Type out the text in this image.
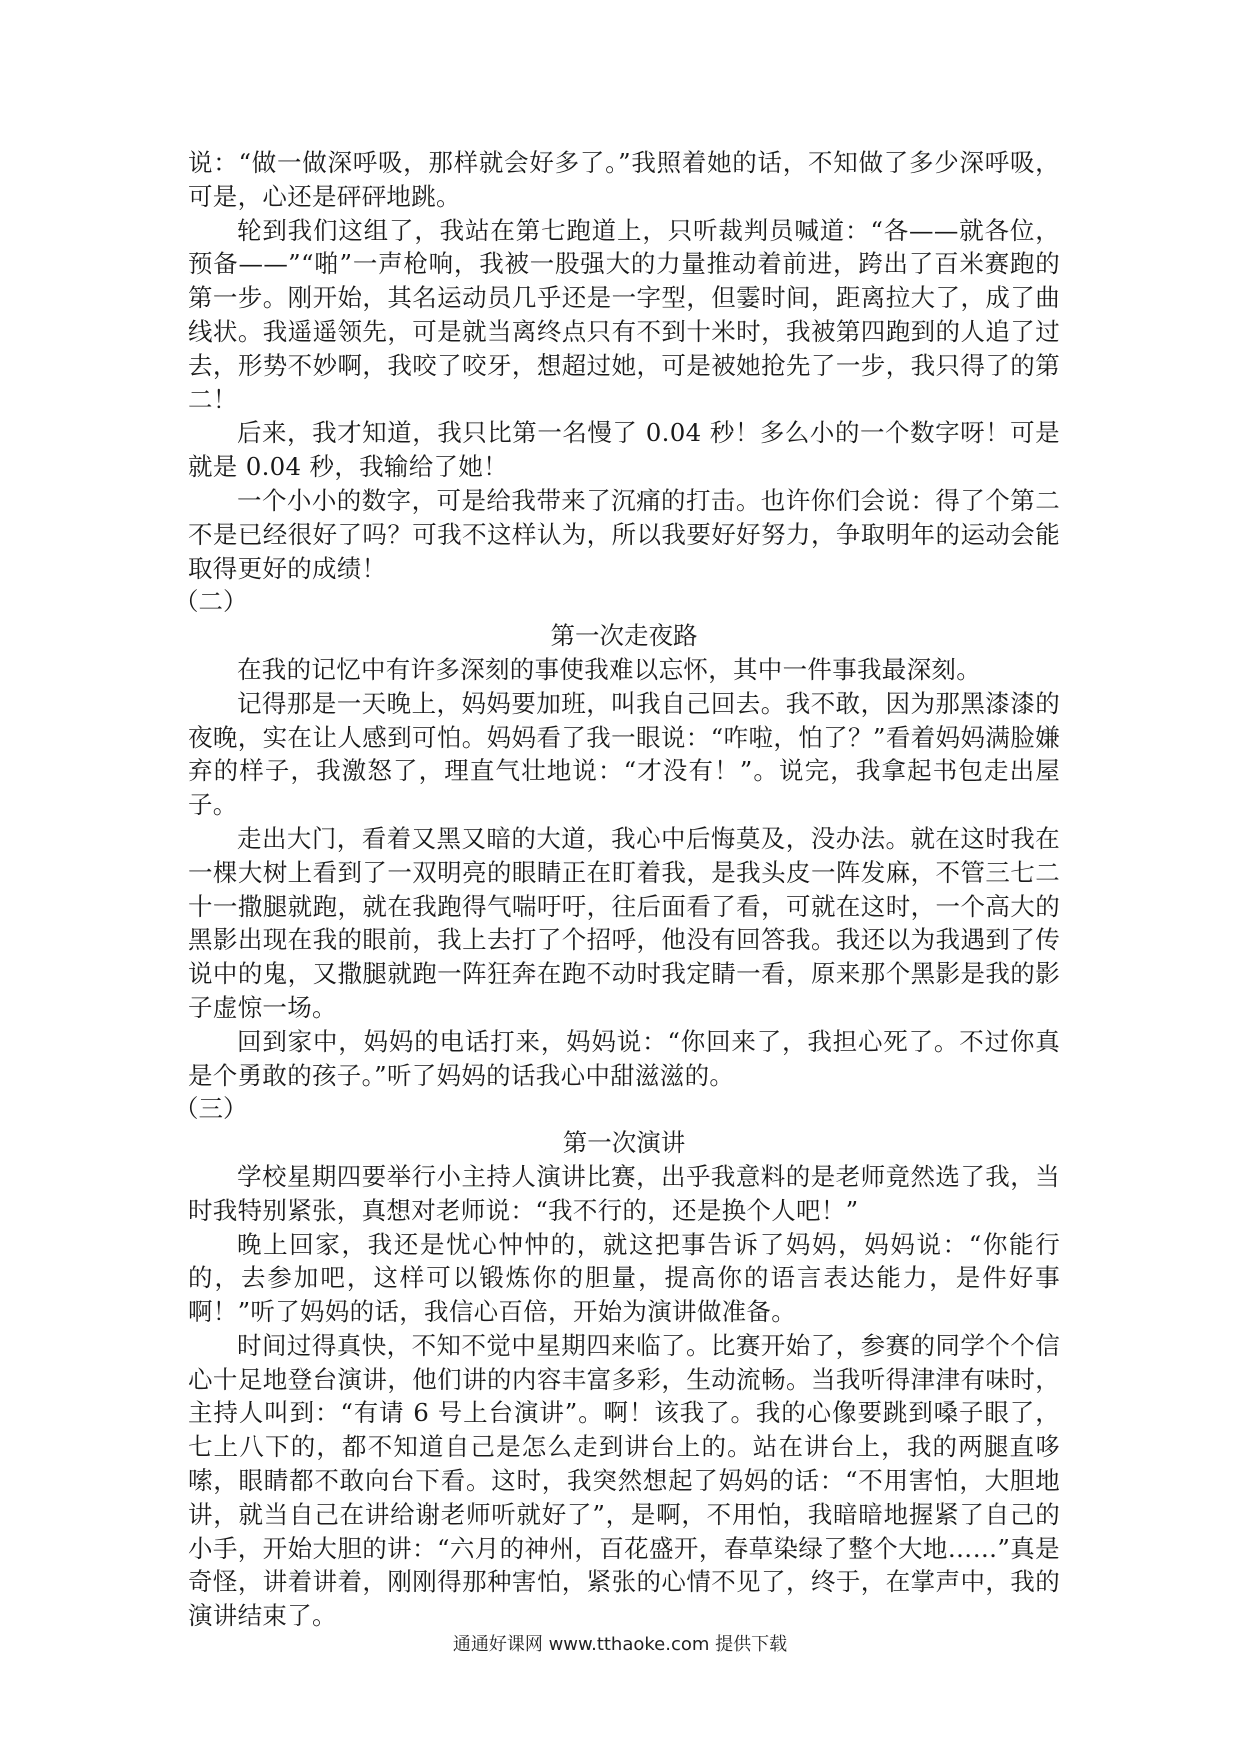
说：“做一做深呼吸，那样就会好多了。”我照着她的话，不知做了多少深呼吸，可是，心还是砰砰地跳。

轮到我们这组了，我站在第七跑道上，只听裁判员喊道：“各——就各位，预备——”“啪”一声枪响，我被一股强大的力量推动着前进，跨出了百米赛跑的第一步。刚开始，其名运动员几乎还是一字型，但霎时间，距离拉大了，成了曲线状。我遥遥领先，可是就当离终点只有不到十米时，我被第四跑到的人追了过去，形势不妙啊，我咬了咬牙，想超过她，可是被她抢先了一步，我只得了的第二！

后来，我才知道，我只比第一名慢了 0.04 秒！多么小的一个数字呀！可是就是 0.04 秒，我输给了她！

一个小小的数字，可是给我带来了沉痛的打击。也许你们会说：得了个第二不是已经很好了吗？可我不这样认为，所以我要好好努力，争取明年的运动会能取得更好的成绩！

（二）

第一次走夜路

在我的记忆中有许多深刻的事使我难以忘怀，其中一件事我最深刻。

记得那是一天晚上，妈妈要加班，叫我自己回去。我不敢，因为那黑漆漆的夜晚，实在让人感到可怕。妈妈看了我一眼说：“咋啦，怕了？”看着妈妈满脸嫌弃的样子，我激怒了，理直气壮地说：“才没有！”。说完，我拿起书包走出屋子。

走出大门，看着又黑又暗的大道，我心中后悔莫及，没办法。就在这时我在一棵大树上看到了一双明亮的眼睛正在盯着我，是我头皮一阵发麻，不管三七二十一撒腿就跑，就在我跑得气喘吁吁，往后面看了看，可就在这时，一个高大的黑影出现在我的眼前，我上去打了个招呼，他没有回答我。我还以为我遇到了传说中的鬼，又撒腿就跑一阵狂奔在跑不动时我定睛一看，原来那个黑影是我的影子虚惊一场。

回到家中，妈妈的电话打来，妈妈说：“你回来了，我担心死了。不过你真是个勇敢的孩子。”听了妈妈的话我心中甜滋滋的。

（三）

第一次演讲

学校星期四要举行小主持人演讲比赛，出乎我意料的是老师竟然选了我，当时我特别紧张，真想对老师说：“我不行的，还是换个人吧！”

晚上回家，我还是忧心忡忡的，就这把事告诉了妈妈，妈妈说：“你能行的，去参加吧，这样可以锻炼你的胆量，提高你的语言表达能力，是件好事啊！”听了妈妈的话，我信心百倍，开始为演讲做准备。

时间过得真快，不知不觉中星期四来临了。比赛开始了，参赛的同学个个信心十足地登台演讲，他们讲的内容丰富多彩，生动流畅。当我听得津津有味时，主持人叫到：“有请 6 号上台演讲”。啊！该我了。我的心像要跳到嗓子眼了，七上八下的，都不知道自己是怎么走到讲台上的。站在讲台上，我的两腿直哆嗦，眼睛都不敢向台下看。这时，我突然想起了妈妈的话：“不用害怕，大胆地讲，就当自己在讲给谢老师听就好了”，是啊，不用怕，我暗暗地握紧了自己的小手，开始大胆的讲：“六月的神州，百花盛开，春草染绿了整个大地……”真是奇怪，讲着讲着，刚刚得那种害怕，紧张的心情不见了，终于，在掌声中，我的演讲结束了。

通通好课网 www.tthaoke.com 提供下载
